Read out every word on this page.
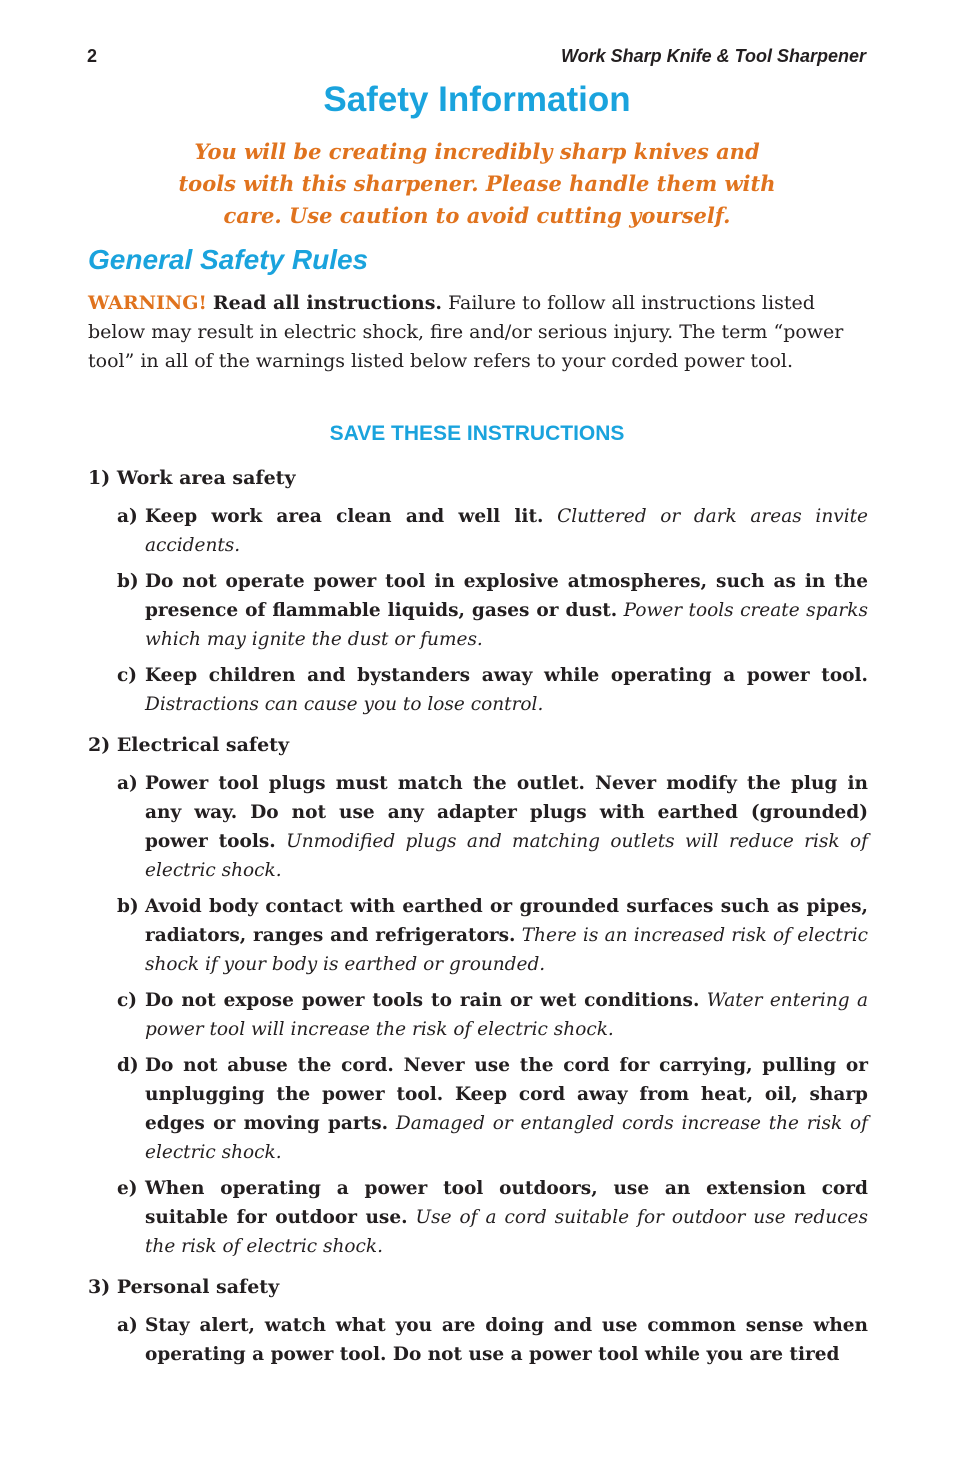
2	Work Sharp Knife & Tool Sharpener
Safety Information
You will be creating incredibly sharp knives and tools with this sharpener. Please handle them with care. Use caution to avoid cutting yourself.
General Safety Rules
WARNING! Read all instructions. Failure to follow all instructions listed below may result in electric shock, fire and/or serious injury. The term “power tool” in all of the warnings listed below refers to your corded power tool.
SAVE THESE INSTRUCTIONS
1) Work area safety
a) Keep work area clean and well lit. Cluttered or dark areas invite accidents.
b) Do not operate power tool in explosive atmospheres, such as in the presence of flammable liquids, gases or dust. Power tools create sparks which may ignite the dust or fumes.
c) Keep children and bystanders away while operating a power tool. Distractions can cause you to lose control.
2) Electrical safety
a) Power tool plugs must match the outlet. Never modify the plug in any way. Do not use any adapter plugs with earthed (grounded) power tools. Unmodified plugs and matching outlets will reduce risk of electric shock.
b) Avoid body contact with earthed or grounded surfaces such as pipes, radiators, ranges and refrigerators. There is an increased risk of electric shock if your body is earthed or grounded.
c) Do not expose power tools to rain or wet conditions. Water entering a power tool will increase the risk of electric shock.
d) Do not abuse the cord. Never use the cord for carrying, pulling or unplugging the power tool. Keep cord away from heat, oil, sharp edges or moving parts. Damaged or entangled cords increase the risk of electric shock.
e) When operating a power tool outdoors, use an extension cord suitable for outdoor use. Use of a cord suitable for outdoor use reduces the risk of electric shock.
3) Personal safety
a) Stay alert, watch what you are doing and use common sense when operating a power tool. Do not use a power tool while you are tired
